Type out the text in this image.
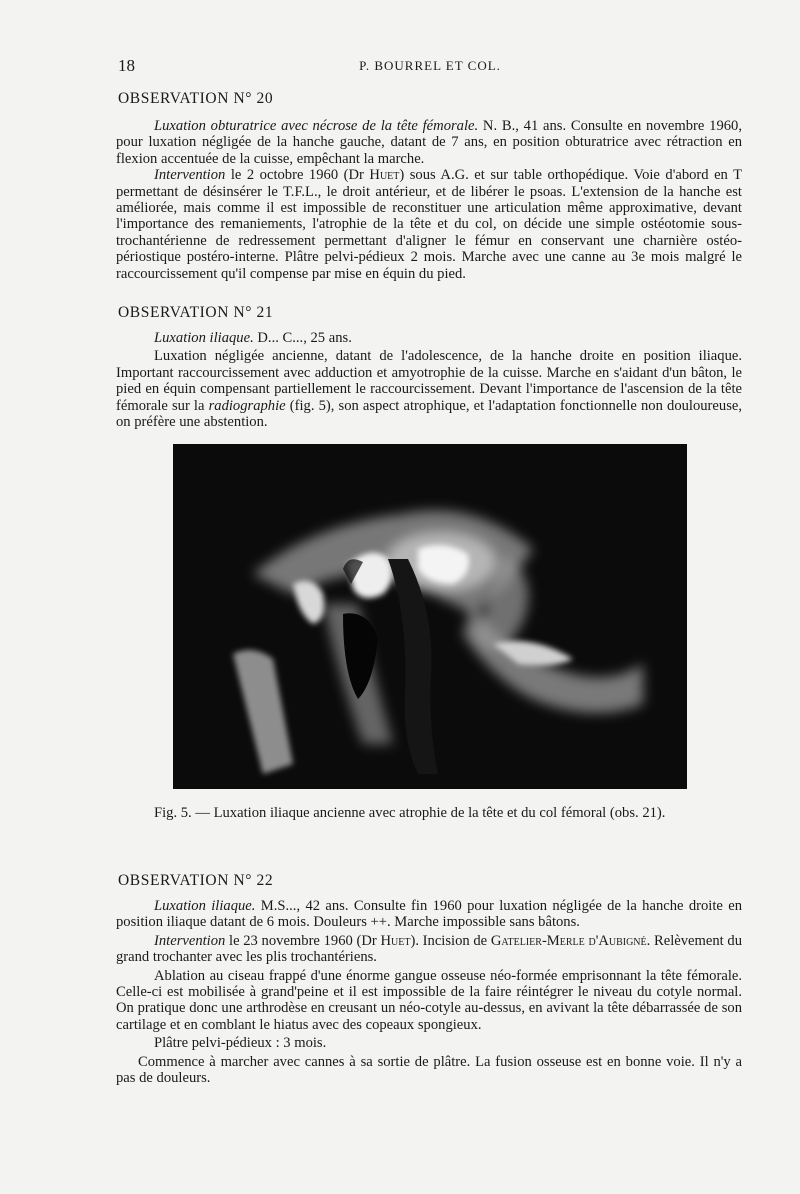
18	P. BOURREL ET COL.
OBSERVATION N° 20

Luxation obturatrice avec nécrose de la tête fémorale. N. B., 41 ans. Consulte en novembre 1960, pour luxation négligée de la hanche gauche, datant de 7 ans, en position obturatrice avec rétraction en flexion accentuée de la cuisse, empêchant la marche.

Intervention le 2 octobre 1960 (Dr Huet) sous A.G. et sur table orthopédique. Voie d'abord en T permettant de désinsérer le T.F.L., le droit antérieur, et de libérer le psoas. L'extension de la hanche est améliorée, mais comme il est impossible de reconstituer une articulation même approximative, devant l'importance des remaniements, l'atrophie de la tête et du col, on décide une simple ostéotomie sous-trochantérienne de redressement permettant d'aligner le fémur en conservant une charnière ostéo-périostique postéro-interne. Plâtre pelvi-pédieux 2 mois. Marche avec une canne au 3e mois malgré le raccourcissement qu'il compense par mise en équin du pied.

OBSERVATION N° 21

Luxation iliaque. D... C..., 25 ans.

Luxation négligée ancienne, datant de l'adolescence, de la hanche droite en position iliaque. Important raccourcissement avec adduction et amyotrophie de la cuisse. Marche en s'aidant d'un bâton, le pied en équin compensant partiellement le raccourcissement. Devant l'importance de l'ascension de la tête fémorale sur la radiographie (fig. 5), son aspect atrophique, et l'adaptation fonctionnelle non douloureuse, on préfère une abstention.

Fig. 5. — Luxation iliaque ancienne avec atrophie de la tête et du col fémoral (obs. 21).

OBSERVATION N° 22

Luxation iliaque. M.S..., 42 ans. Consulte fin 1960 pour luxation négligée de la hanche droite en position iliaque datant de 6 mois. Douleurs ++. Marche impossible sans bâtons.

Intervention le 23 novembre 1960 (Dr Huet). Incision de Gatelier-Merle d'Aubigné. Relèvement du grand trochanter avec les plis trochantériens.

Ablation au ciseau frappé d'une énorme gangue osseuse néo-formée emprisonnant la tête fémorale. Celle-ci est mobilisée à grand'peine et il est impossible de la faire réintégrer le niveau du cotyle normal. On pratique donc une arthrodèse en creusant un néo-cotyle au-dessus, en avivant la tête débarrassée de son cartilage et en comblant le hiatus avec des copeaux spongieux.

Plâtre pelvi-pédieux : 3 mois.

Commence à marcher avec cannes à sa sortie de plâtre. La fusion osseuse est en bonne voie. Il n'y a pas de douleurs.
